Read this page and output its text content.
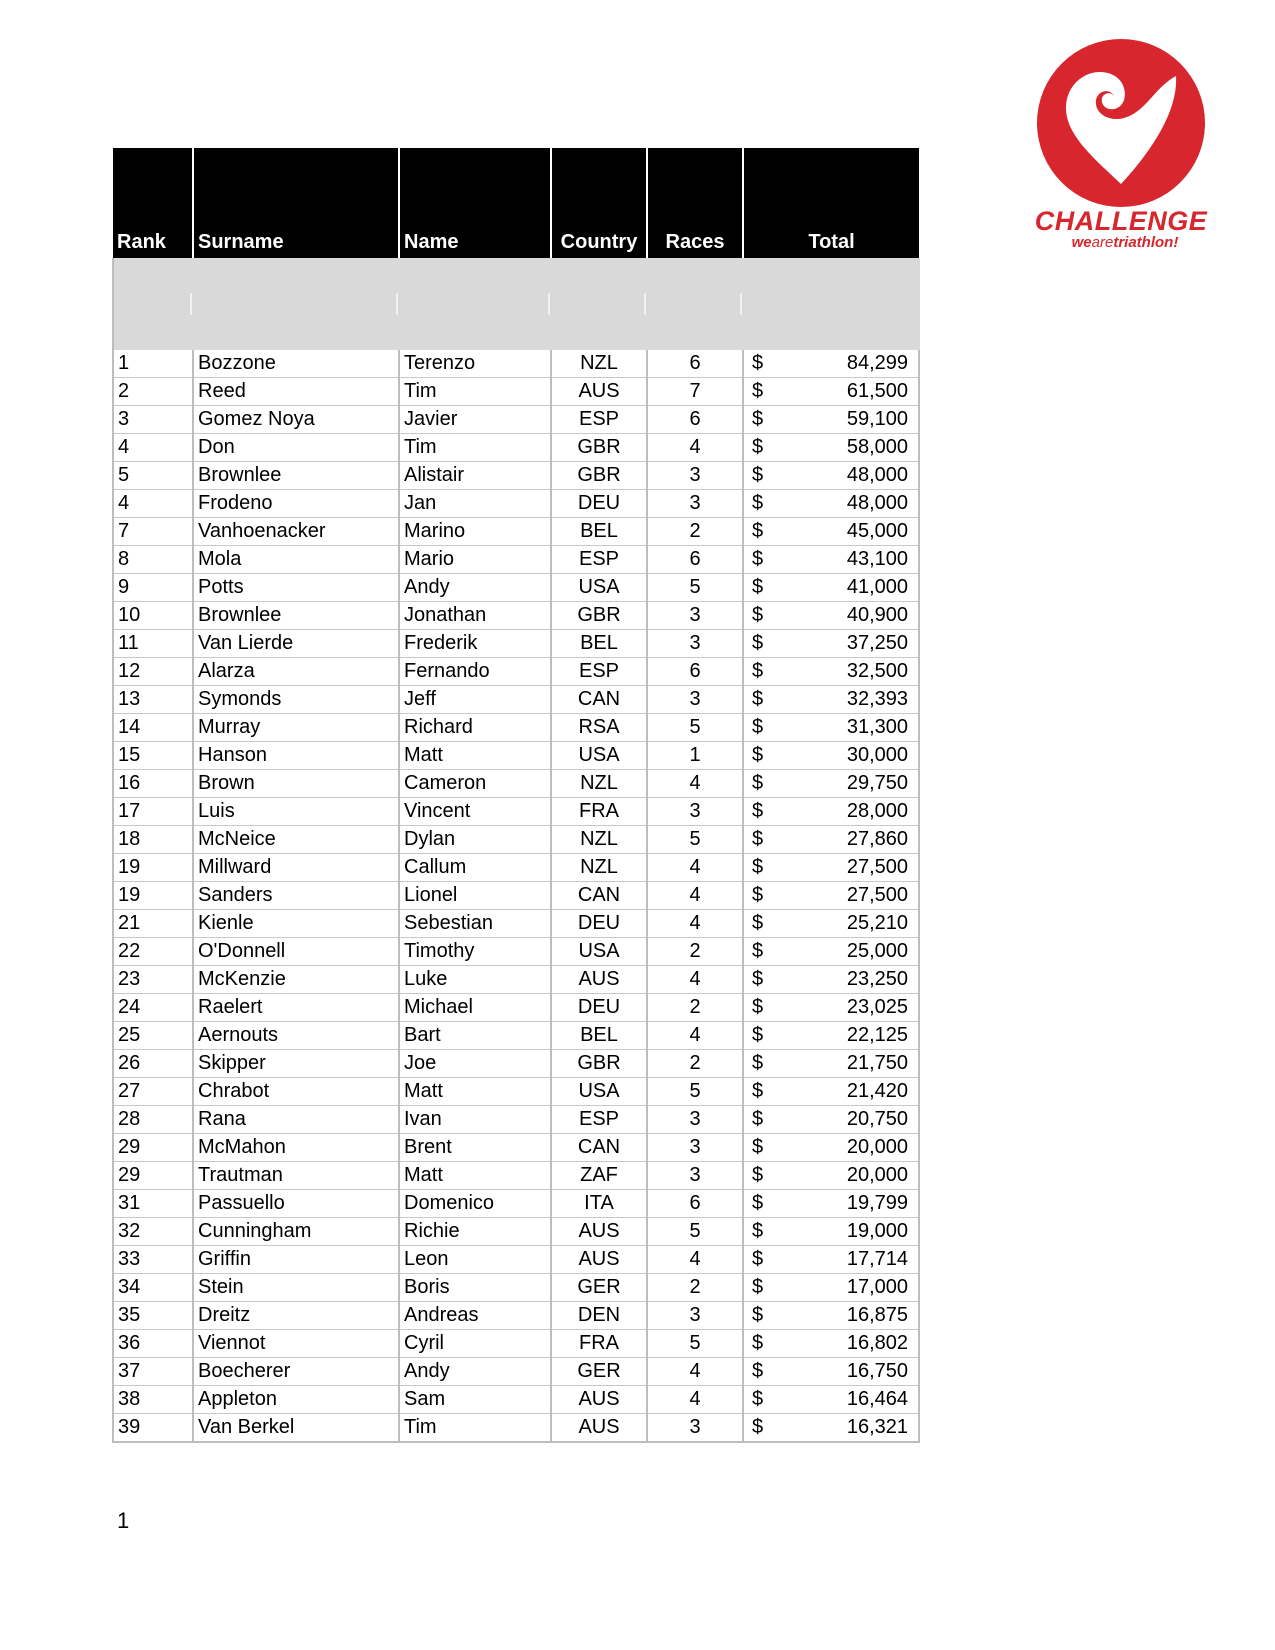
CHALLENGE
wearetriathlon!
Rank	Surname	Name	Country	Races	Total

1	Bozzone	Terenzo	NZL	6	$ 84,299
2	Reed	Tim	AUS	7	$ 61,500
3	Gomez Noya	Javier	ESP	6	$ 59,100
4	Don	Tim	GBR	4	$ 58,000
5	Brownlee	Alistair	GBR	3	$ 48,000
4	Frodeno	Jan	DEU	3	$ 48,000
7	Vanhoenacker	Marino	BEL	2	$ 45,000
8	Mola	Mario	ESP	6	$ 43,100
9	Potts	Andy	USA	5	$ 41,000
10	Brownlee	Jonathan	GBR	3	$ 40,900
11	Van Lierde	Frederik	BEL	3	$ 37,250
12	Alarza	Fernando	ESP	6	$ 32,500
13	Symonds	Jeff	CAN	3	$ 32,393
14	Murray	Richard	RSA	5	$ 31,300
15	Hanson	Matt	USA	1	$ 30,000
16	Brown	Cameron	NZL	4	$ 29,750
17	Luis	Vincent	FRA	3	$ 28,000
18	McNeice	Dylan	NZL	5	$ 27,860
19	Millward	Callum	NZL	4	$ 27,500
19	Sanders	Lionel	CAN	4	$ 27,500
21	Kienle	Sebestian	DEU	4	$ 25,210
22	O'Donnell	Timothy	USA	2	$ 25,000
23	McKenzie	Luke	AUS	4	$ 23,250
24	Raelert	Michael	DEU	2	$ 23,025
25	Aernouts	Bart	BEL	4	$ 22,125
26	Skipper	Joe	GBR	2	$ 21,750
27	Chrabot	Matt	USA	5	$ 21,420
28	Rana	Ivan	ESP	3	$ 20,750
29	McMahon	Brent	CAN	3	$ 20,000
29	Trautman	Matt	ZAF	3	$ 20,000
31	Passuello	Domenico	ITA	6	$ 19,799
32	Cunningham	Richie	AUS	5	$ 19,000
33	Griffin	Leon	AUS	4	$ 17,714
34	Stein	Boris	GER	2	$ 17,000
35	Dreitz	Andreas	DEN	3	$ 16,875
36	Viennot	Cyril	FRA	5	$ 16,802
37	Boecherer	Andy	GER	4	$ 16,750
38	Appleton	Sam	AUS	4	$ 16,464
39	Van Berkel	Tim	AUS	3	$ 16,321
1
